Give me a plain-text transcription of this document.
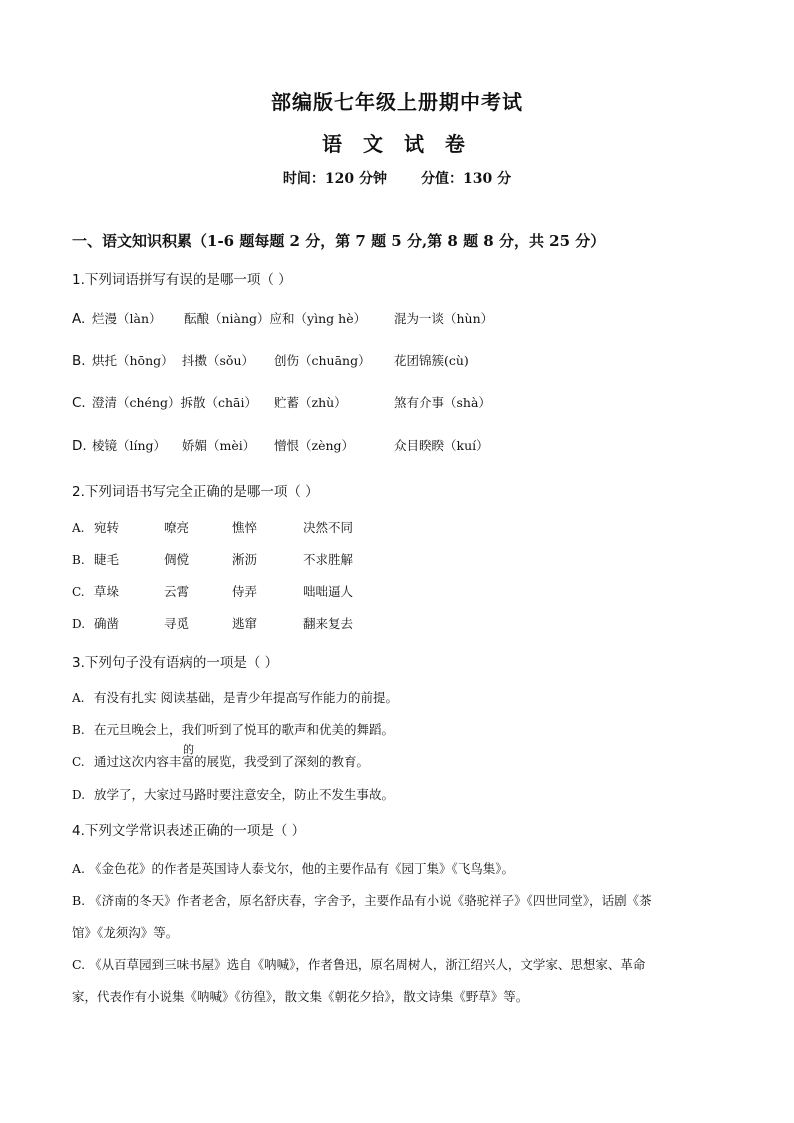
部编版七年级上册期中考试
语 文 试 卷
时间：120 分钟 分值：130 分
一、语文知识积累（1-6 题每题 2 分，第 7 题 5 分,第 8 题 8 分，共 25 分）
1.下列词语拼写有误的是哪一项（ ）
A. 烂漫（làn） 酝酿（niàng）应和（yìng hè） 混为一谈（hùn）
B. 烘托（hōng） 抖擞（sǒu） 创伤（chuāng） 花团锦簇(cù)
C. 澄清（chéng）拆散（chāi） 贮蓄（zhù）	煞有介事（shà）
D. 棱镜（líng） 娇媚（mèi） 憎恨（zèng）	众目睽睽（kuí）
2.下列词语书写完全正确的是哪一项（ ）
A. 宛转	嘹亮	憔悴	决然不同
B. 睫毛	倜傥	淅沥	不求胜解
C. 草垛	云霄	侍弄	咄咄逼人
D. 确凿	寻觅	逃窜	翻来复去
3.下列句子没有语病的一项是（ ）
A. 有没有扎实 阅读基础，是青少年提高写作能力的前提。
B. 在元旦晚会上，我们听到了悦耳的歌声和优美的舞蹈。
的
C. 通过这次内容丰富的展览，我受到了深刻的教育。
D. 放学了，大家过马路时要注意安全，防止不发生事故。
4.下列文学常识表述正确的一项是（ ）
A. 《金色花》的作者是英国诗人泰戈尔，他的主要作品有《园丁集》《飞鸟集》。
B. 《济南的冬天》作者老舍，原名舒庆春，字舍予，主要作品有小说《骆驼祥子》《四世同堂》，话剧《茶
馆》《龙须沟》等。
C. 《从百草园到三味书屋》选自《呐喊》，作者鲁迅，原名周树人，浙江绍兴人，文学家、思想家、革命
家，代表作有小说集《呐喊》《彷徨》，散文集《朝花夕拾》，散文诗集《野草》等。
